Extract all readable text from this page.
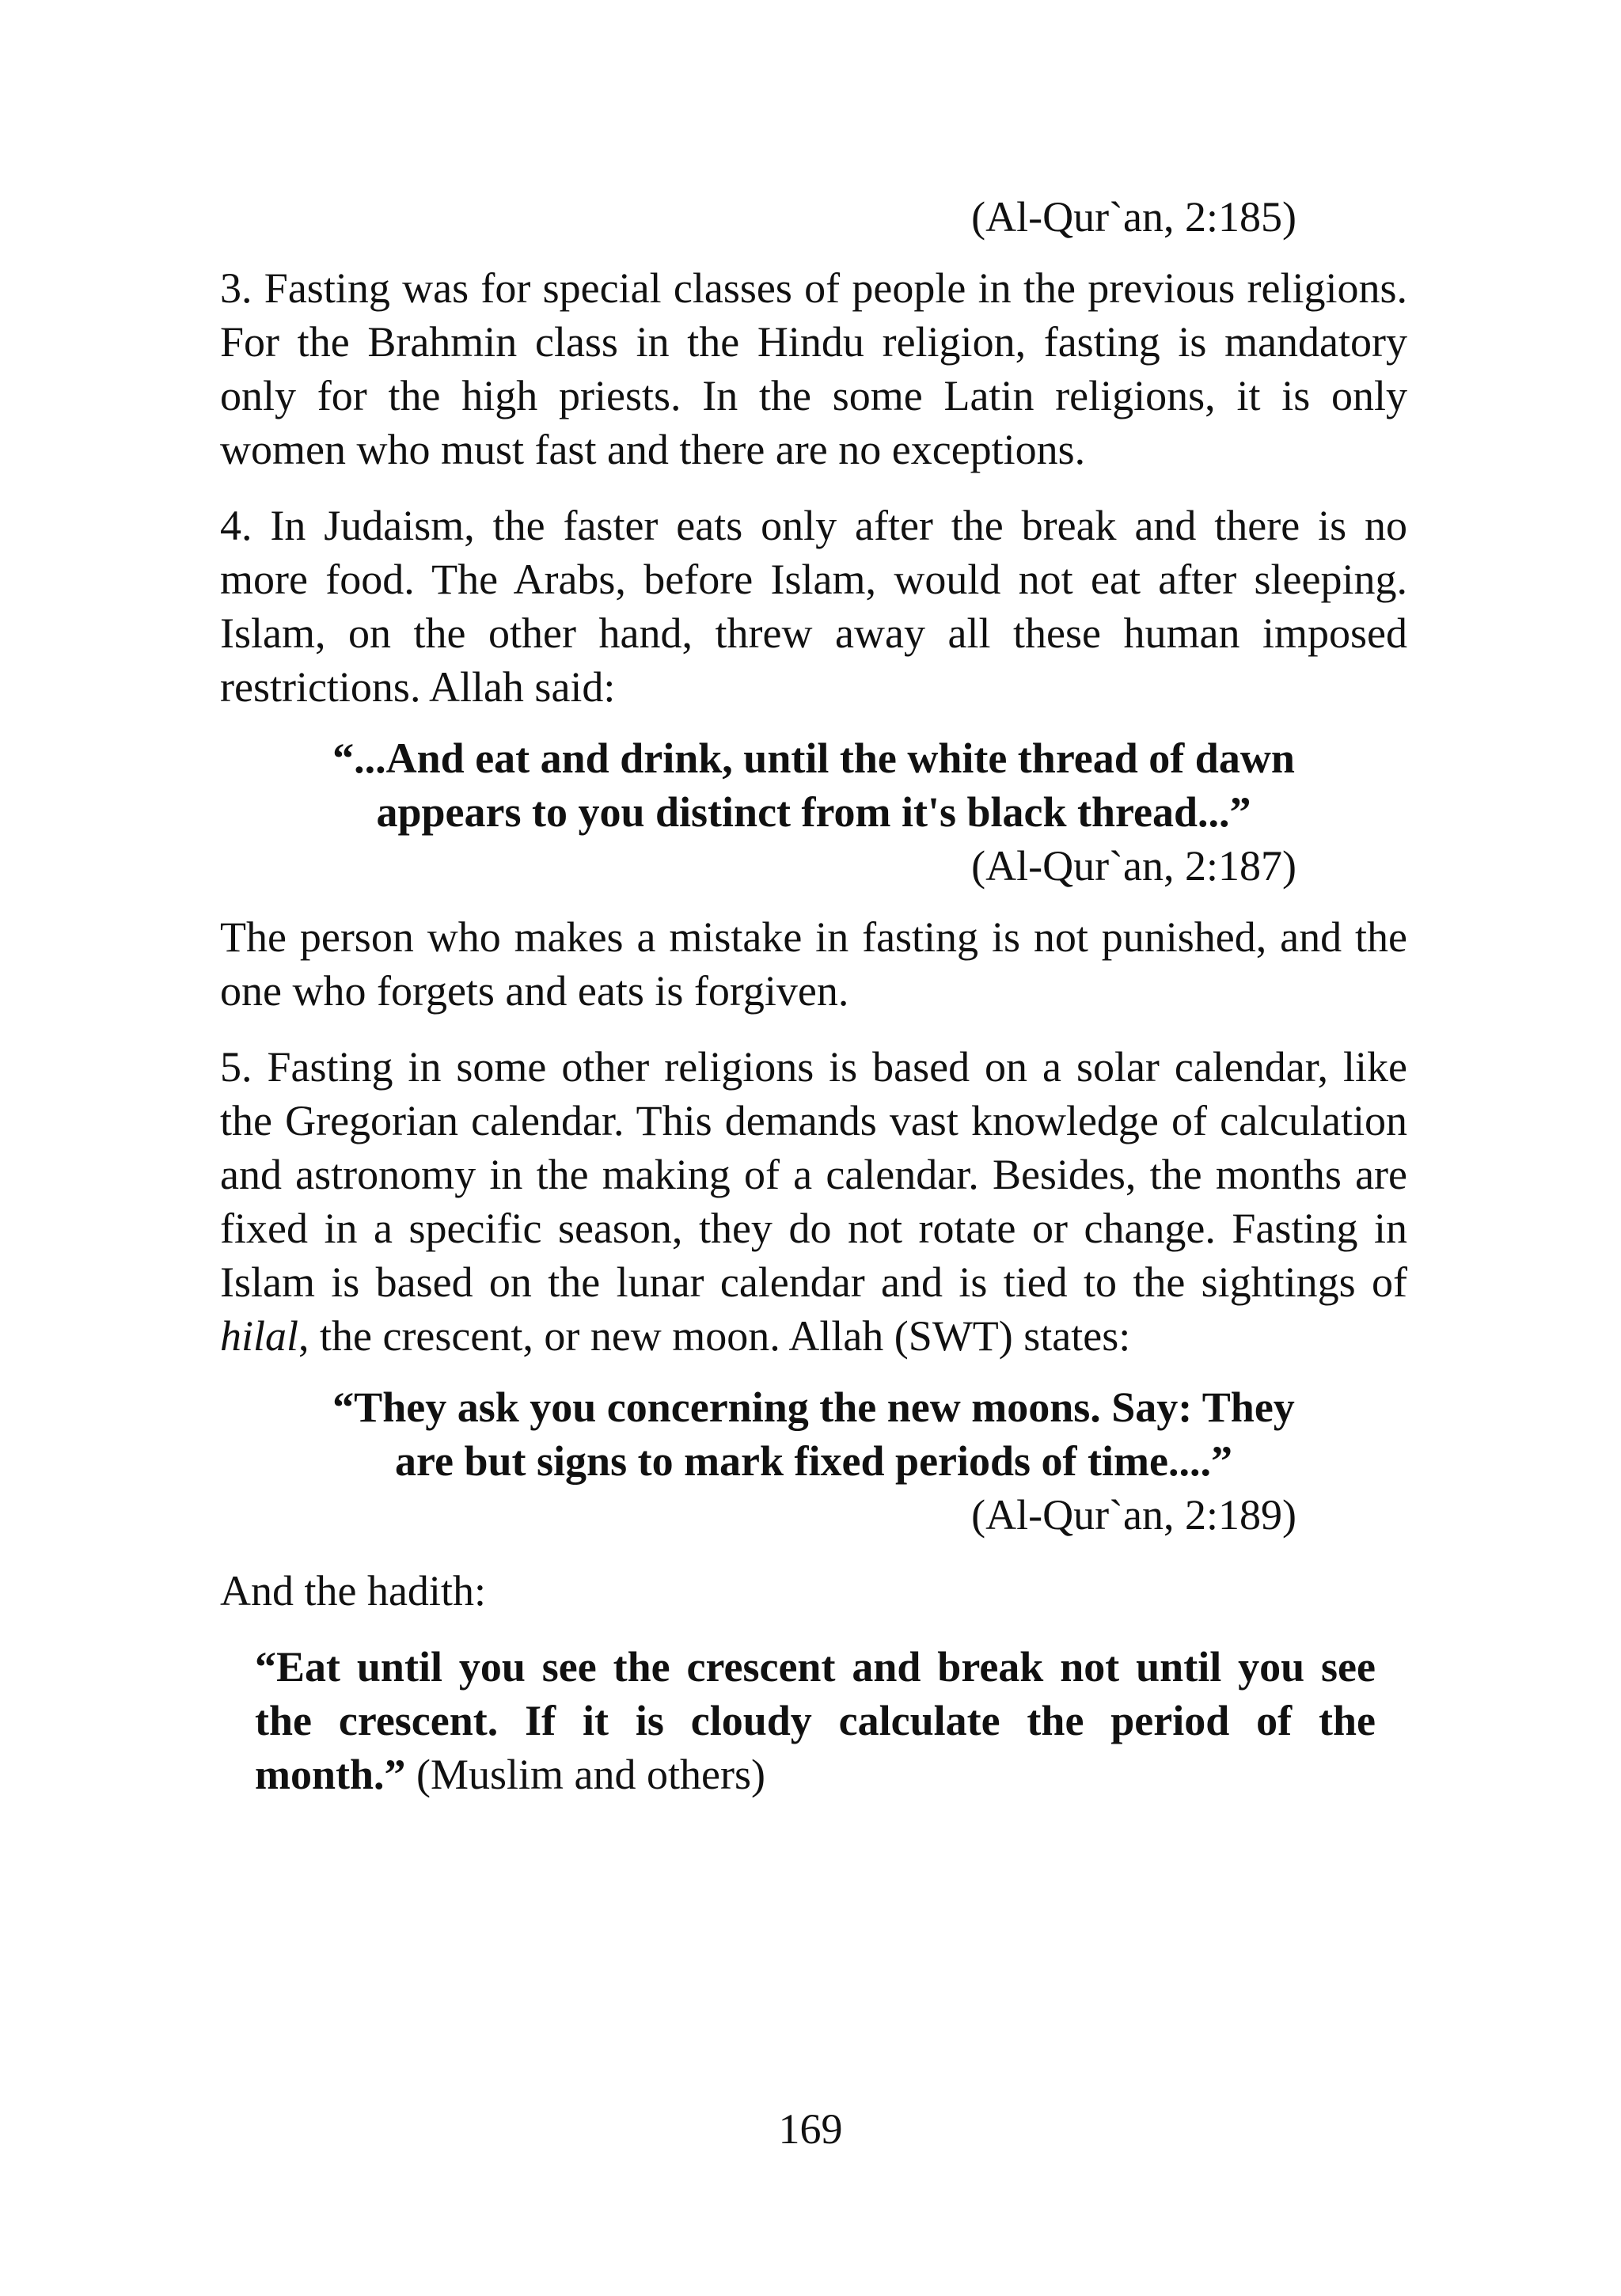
(Al-Qur`an, 2:185)

3. Fasting was for special classes of people in the previous religions. For the Brahmin class in the Hindu religion, fasting is mandatory only for the high priests. In the some Latin religions, it is only women who must fast and there are no exceptions.

4. In Judaism, the faster eats only after the break and there is no more food. The Arabs, before Islam, would not eat after sleeping. Islam, on the other hand, threw away all these human imposed restrictions. Allah said:

“...And eat and drink, until the white thread of dawn appears to you distinct from it's black thread...”

(Al-Qur`an, 2:187)

The person who makes a mistake in fasting is not punished, and the one who forgets and eats is forgiven.

5. Fasting in some other religions is based on a solar calendar, like the Gregorian calendar. This demands vast knowledge of calculation and astronomy in the making of a calendar. Besides, the months are fixed in a specific season, they do not rotate or change. Fasting in Islam is based on the lunar calendar and is tied to the sightings of hilal, the crescent, or new moon. Allah (SWT) states:

“They ask you concerning the new moons. Say: They are but signs to mark fixed periods of time....”

(Al-Qur`an, 2:189)

And the hadith:

“Eat until you see the crescent and break not until you see the crescent. If it is cloudy calculate the period of the month.” (Muslim and others)

169
